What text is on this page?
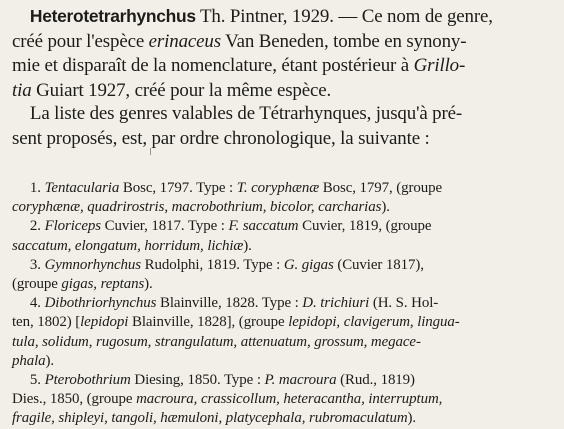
Heterotetrarhynchus Th. Pintner, 1929. — Ce nom de genre,
créé pour l'espèce erinaceus Van Beneden, tombe en synony-
mie et disparaît de la nomenclature, étant postérieur à Grillo-
tia Guiart 1927, créé pour la même espèce.
La liste des genres valables de Tétrarhynques, jusqu'à pré-
sent proposés, est, par ordre chronologique, la suivante :
1. Tentacularia Bosc, 1797. Type : T. coryphænæ Bosc, 1797, (groupe
coryphænæ, quadrirostris, macrobothrium, bicolor, carcharias).
2. Floriceps Cuvier, 1817. Type : F. saccatum Cuvier, 1819, (groupe
saccatum, elongatum, horridum, lichiæ).
3. Gymnorhynchus Rudolphi, 1819. Type : G. gigas (Cuvier 1817),
(groupe gigas, reptans).
4. Dibothriorhynchus Blainville, 1828. Type : D. trichiuri (H. S. Hol-
ten, 1802) [lepidopi Blainville, 1828], (groupe lepidopi, clavigerum, lingua-
tula, solidum, rugosum, strangulatum, attenuatum, grossum, megace-
phala).
5. Pterobothrium Diesing, 1850. Type : P. macroura (Rud., 1819)
Dies., 1850, (groupe macroura, crassicollum, heteracantha, interruptum,
fragile, shipleyi, tangoli, hæmuloni, platycephala, rubromaculatum).
